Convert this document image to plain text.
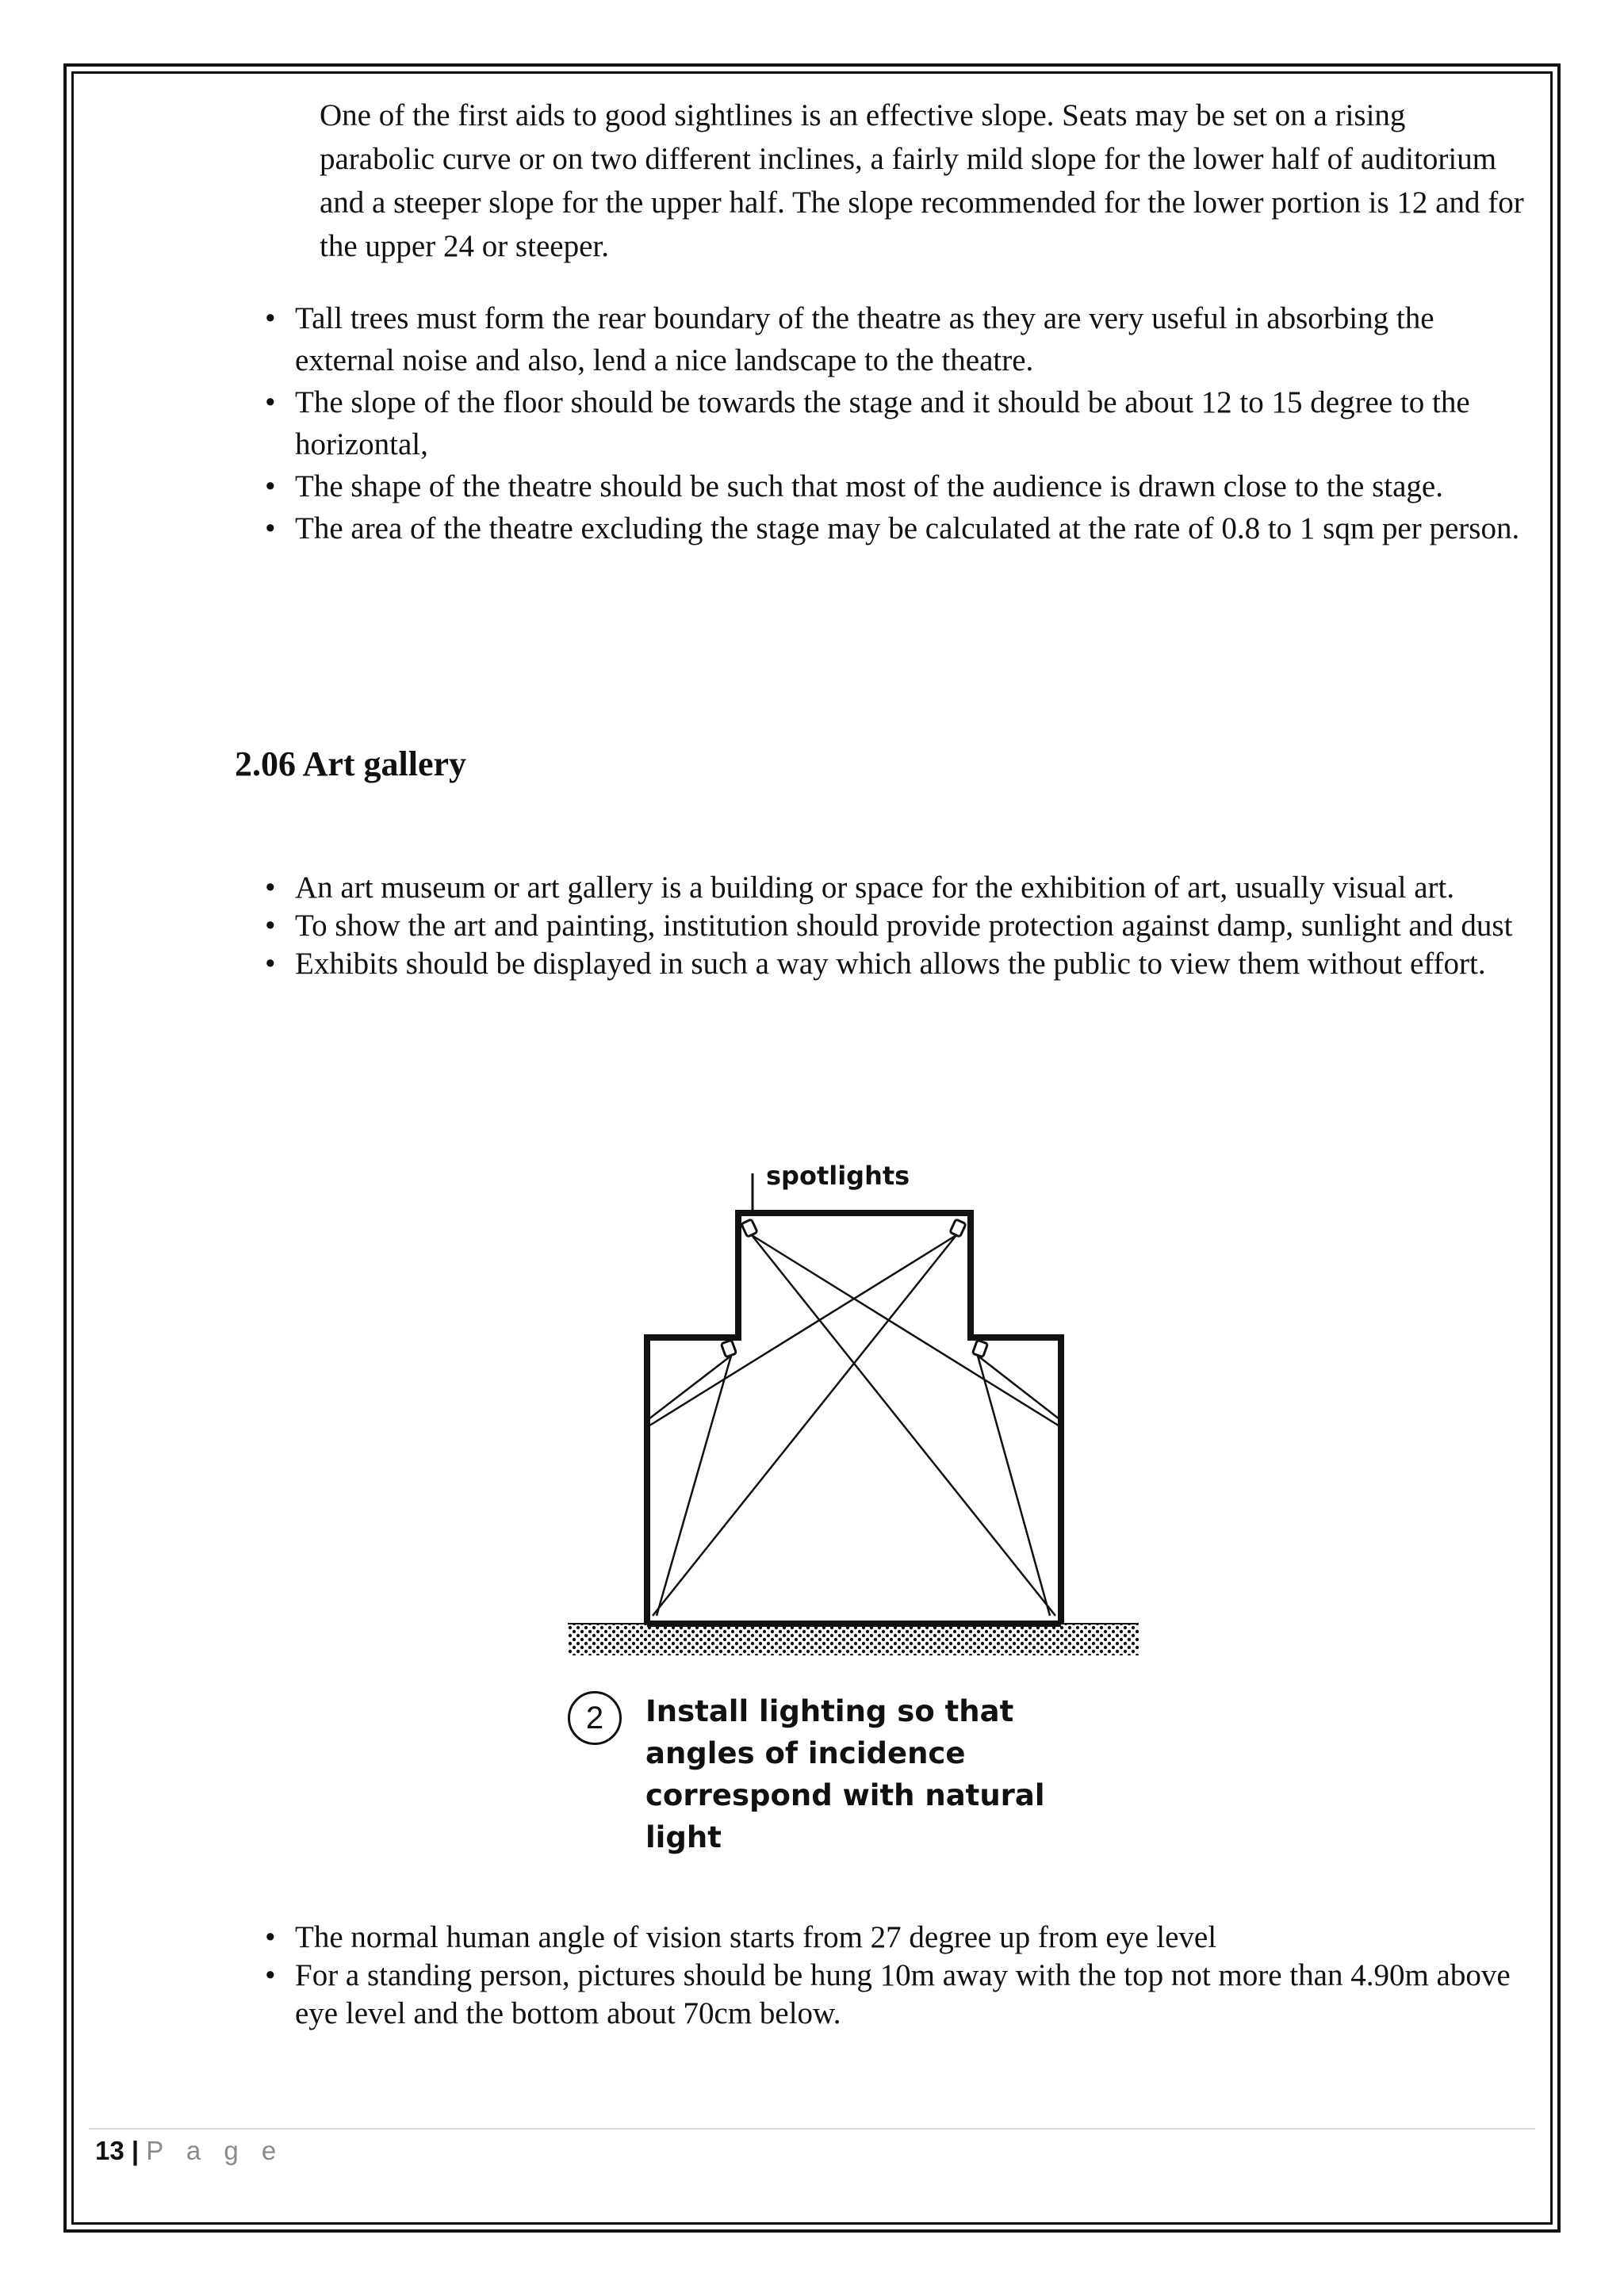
One of the first aids to good sightlines is an effective slope. Seats may be set on a rising parabolic curve or on two different inclines, a fairly mild slope for the lower half of auditorium and a steeper slope for the upper half. The slope recommended for the lower portion is 12 and for the upper 24 or steeper.

• Tall trees must form the rear boundary of the theatre as they are very useful in absorbing the external noise and also, lend a nice landscape to the theatre.
• The slope of the floor should be towards the stage and it should be about 12 to 15 degree to the horizontal,
• The shape of the theatre should be such that most of the audience is drawn close to the stage.
• The area of the theatre excluding the stage may be calculated at the rate of 0.8 to 1 sqm per person.
2.06 Art gallery
• An art museum or art gallery is a building or space for the exhibition of art, usually visual art.
• To show the art and painting, institution should provide protection against damp, sunlight and dust
• Exhibits should be displayed in such a way which allows the public to view them without effort.
spotlights
2	Install lighting so that angles of incidence correspond with natural light

• The normal human angle of vision starts from 27 degree up from eye level
• For a standing person, pictures should be hung 10m away with the top not more than 4.90m above eye level and the bottom about 70cm below.

13 | P a g e
